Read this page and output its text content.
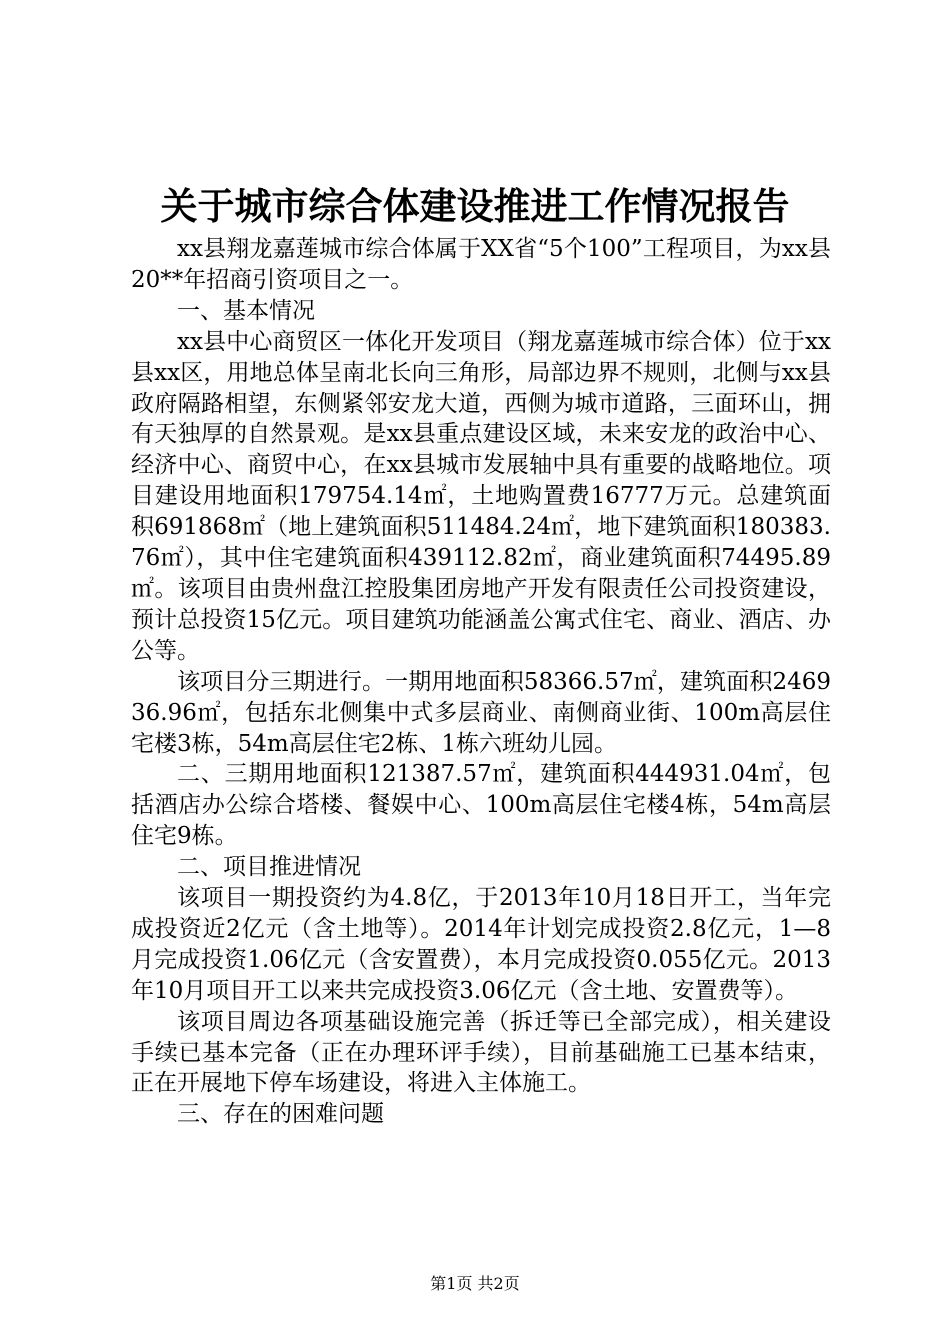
关于城市综合体建设推进工作情况报告

xx县翔龙嘉莲城市综合体属于XX省“5个100”工程项目，为xx县20**年招商引资项目之一。

一、基本情况

xx县中心商贸区一体化开发项目（翔龙嘉莲城市综合体）位于xx县xx区，用地总体呈南北长向三角形，局部边界不规则，北侧与xx县政府隔路相望，东侧紧邻安龙大道，西侧为城市道路，三面环山，拥有天独厚的自然景观。是xx县重点建设区域，未来安龙的政治中心、经济中心、商贸中心，在xx县城市发展轴中具有重要的战略地位。项目建设用地面积179754.14㎡，土地购置费16777万元。总建筑面积691868㎡（地上建筑面积511484.24㎡，地下建筑面积180383.76㎡），其中住宅建筑面积439112.82㎡，商业建筑面积74495.89㎡。该项目由贵州盘江控股集团房地产开发有限责任公司投资建设，预计总投资15亿元。项目建筑功能涵盖公寓式住宅、商业、酒店、办公等。

该项目分三期进行。一期用地面积58366.57㎡，建筑面积246936.96㎡，包括东北侧集中式多层商业、南侧商业街、100m高层住宅楼3栋，54m高层住宅2栋、1栋六班幼儿园。

二、三期用地面积121387.57㎡，建筑面积444931.04㎡，包括酒店办公综合塔楼、餐娱中心、100m高层住宅楼4栋，54m高层住宅9栋。

二、项目推进情况

该项目一期投资约为4.8亿，于2013年10月18日开工，当年完成投资近2亿元（含土地等）。2014年计划完成投资2.8亿元，1—8月完成投资1.06亿元（含安置费），本月完成投资0.055亿元。2013年10月项目开工以来共完成投资3.06亿元（含土地、安置费等）。

该项目周边各项基础设施完善（拆迁等已全部完成），相关建设手续已基本完备（正在办理环评手续），目前基础施工已基本结束，正在开展地下停车场建设，将进入主体施工。

三、存在的困难问题

第1页 共2页
